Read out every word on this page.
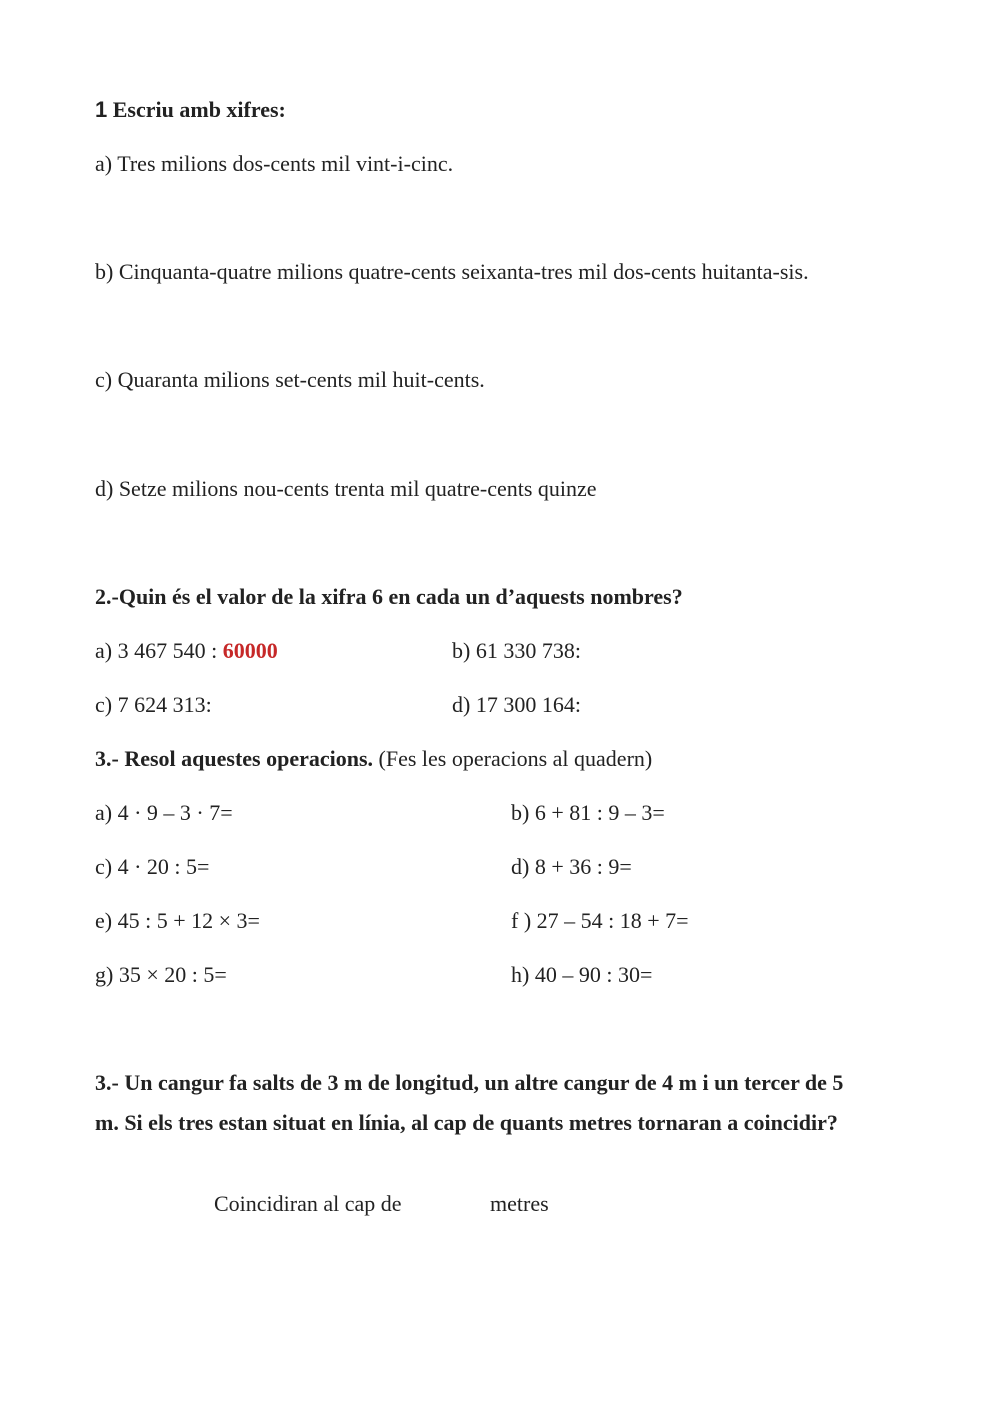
1 Escriu amb xifres:
a) Tres milions dos-cents mil vint-i-cinc.
b) Cinquanta-quatre milions quatre-cents seixanta-tres mil dos-cents huitanta-sis.
c) Quaranta milions set-cents mil huit-cents.
d) Setze milions nou-cents trenta mil quatre-cents quinze
2.-Quin és el valor de la xifra 6 en cada un d’aquests nombres?
a) 3 467 540 : 60000	b) 61 330 738:
c) 7 624 313:	d) 17 300 164:
3.- Resol aquestes operacions. (Fes les operacions al quadern)
a) 4 · 9 – 3 · 7=	b) 6 + 81 : 9 – 3=
c) 4 · 20 : 5=	d) 8 + 36 : 9=
e) 45 : 5 + 12 × 3=	f ) 27 – 54 : 18 + 7=
g) 35 × 20 : 5=	h) 40 – 90 : 30=
3.- Un cangur fa salts de 3 m de longitud, un altre cangur de 4 m i un tercer de 5
m. Si els tres estan situat en línia, al cap de quants metres tornaran a coincidir?
Coincidiran al cap de	metres
